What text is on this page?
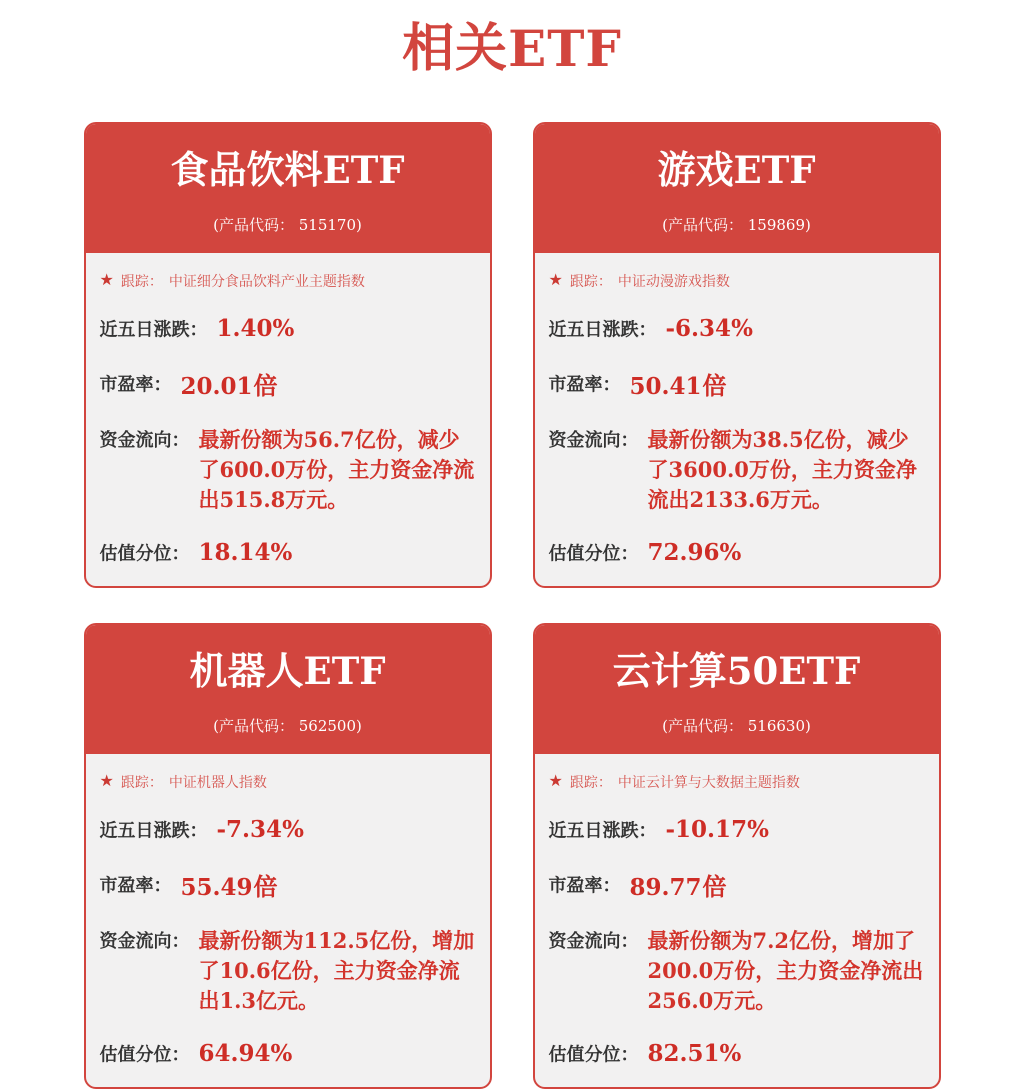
相关ETF
食品饮料ETF
(产品代码： 515170)
★ 跟踪： 中证细分食品饮料产业主题指数
近五日涨跌： 1.40%
市盈率： 20.01倍
资金流向： 最新份额为56.7亿份，减少了600.0万份，主力资金净流出515.8万元。
估值分位： 18.14%
游戏ETF
(产品代码： 159869)
★ 跟踪： 中证动漫游戏指数
近五日涨跌： -6.34%
市盈率： 50.41倍
资金流向： 最新份额为38.5亿份，减少了3600.0万份，主力资金净流出2133.6万元。
估值分位： 72.96%
机器人ETF
(产品代码： 562500)
★ 跟踪： 中证机器人指数
近五日涨跌： -7.34%
市盈率： 55.49倍
资金流向： 最新份额为112.5亿份，增加了10.6亿份，主力资金净流出1.3亿元。
估值分位： 64.94%
云计算50ETF
(产品代码： 516630)
★ 跟踪： 中证云计算与大数据主题指数
近五日涨跌： -10.17%
市盈率： 89.77倍
资金流向： 最新份额为7.2亿份，增加了200.0万份，主力资金净流出256.0万元。
估值分位： 82.51%
